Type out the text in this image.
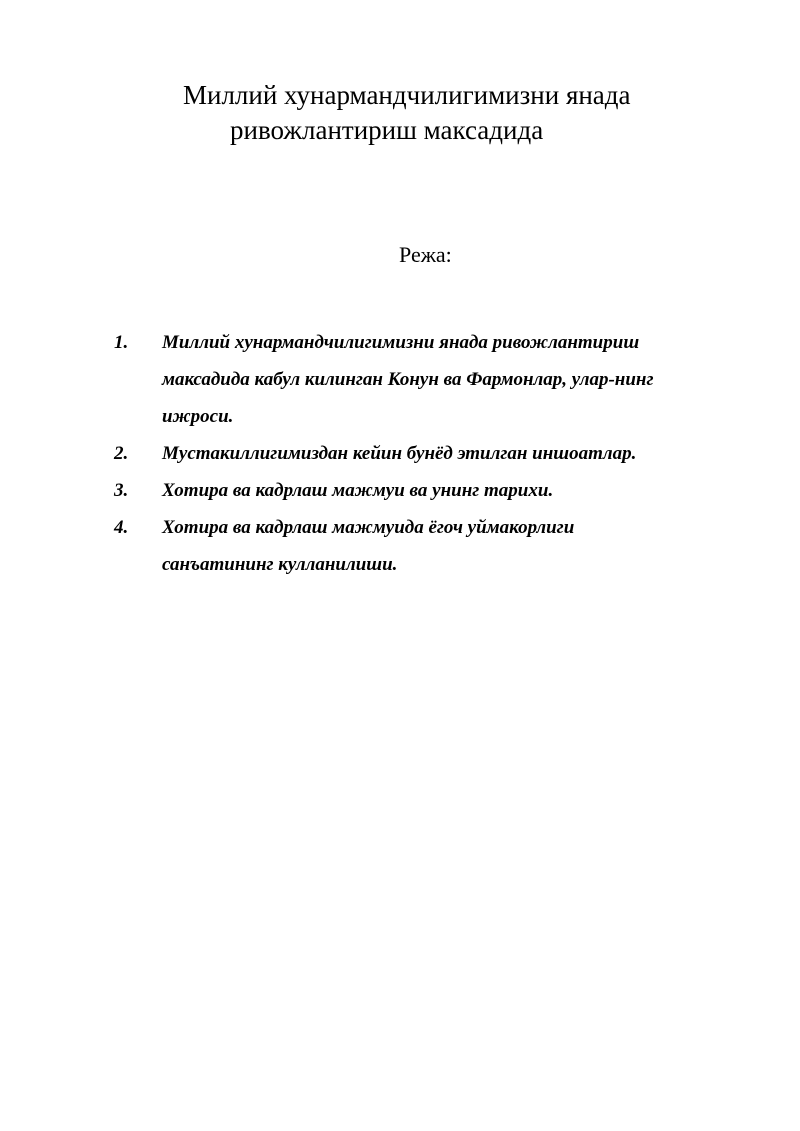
Миллий хунармандчилигимизни янада
ривожлантириш максадида
Режа:
1. Миллий хунармандчилигимизни янада ривожлантириш
максадида кабул килинган Конун ва Фармонлар, улар-нинг
ижроси.
2. Мустакиллигимиздан кейин бунёд этилган иншоатлар.
3. Хотира ва кадрлаш мажмуи ва унинг тарихи.
4. Хотира ва кадрлаш мажмуида ёгоч уймакорлиги
санъатининг кулланилиши.
